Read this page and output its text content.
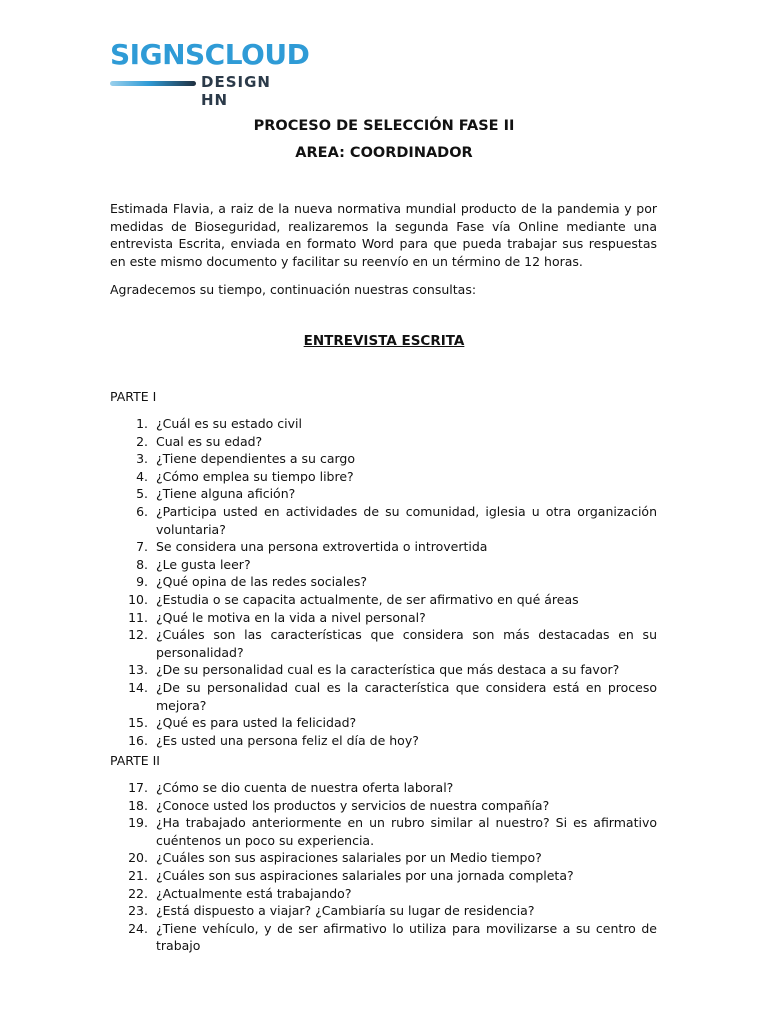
SIGNSCLOUD
DESIGN HN
PROCESO DE SELECCIÓN FASE II
AREA: COORDINADOR
Estimada Flavia, a raiz de la nueva normativa mundial producto de la pandemia y por medidas de Bioseguridad, realizaremos la segunda Fase vía Online mediante una entrevista Escrita, enviada en formato Word para que pueda trabajar sus respuestas en este mismo documento y facilitar su reenvío en un término de 12 horas.
Agradecemos su tiempo, continuación nuestras consultas:
ENTREVISTA ESCRITA
PARTE I
1. ¿Cuál es su estado civil
2. Cual es su edad?
3. ¿Tiene dependientes a su cargo
4. ¿Cómo emplea su tiempo libre?
5. ¿Tiene alguna afición?
6. ¿Participa usted en actividades de su comunidad, iglesia u otra organización voluntaria?
7. Se considera una persona extrovertida o introvertida
8. ¿Le gusta leer?
9. ¿Qué opina de las redes sociales?
10. ¿Estudia o se capacita actualmente, de ser afirmativo en qué áreas
11. ¿Qué le motiva en la vida a nivel personal?
12. ¿Cuáles son las características que considera son más destacadas en su personalidad?
13. ¿De su personalidad cual es la característica que más destaca a su favor?
14. ¿De su personalidad cual es la característica que considera está en proceso mejora?
15. ¿Qué es para usted la felicidad?
16. ¿Es usted una persona feliz el día de hoy?
PARTE II
17. ¿Cómo se dio cuenta de nuestra oferta laboral?
18. ¿Conoce usted los productos y servicios de nuestra compañía?
19. ¿Ha trabajado anteriormente en un rubro similar al nuestro? Si es afirmativo cuéntenos un poco su experiencia.
20. ¿Cuáles son sus aspiraciones salariales por un Medio tiempo?
21. ¿Cuáles son sus aspiraciones salariales por una jornada completa?
22. ¿Actualmente está trabajando?
23. ¿Está dispuesto a viajar? ¿Cambiaría su lugar de residencia?
24. ¿Tiene vehículo, y de ser afirmativo lo utiliza para movilizarse a su centro de trabajo
